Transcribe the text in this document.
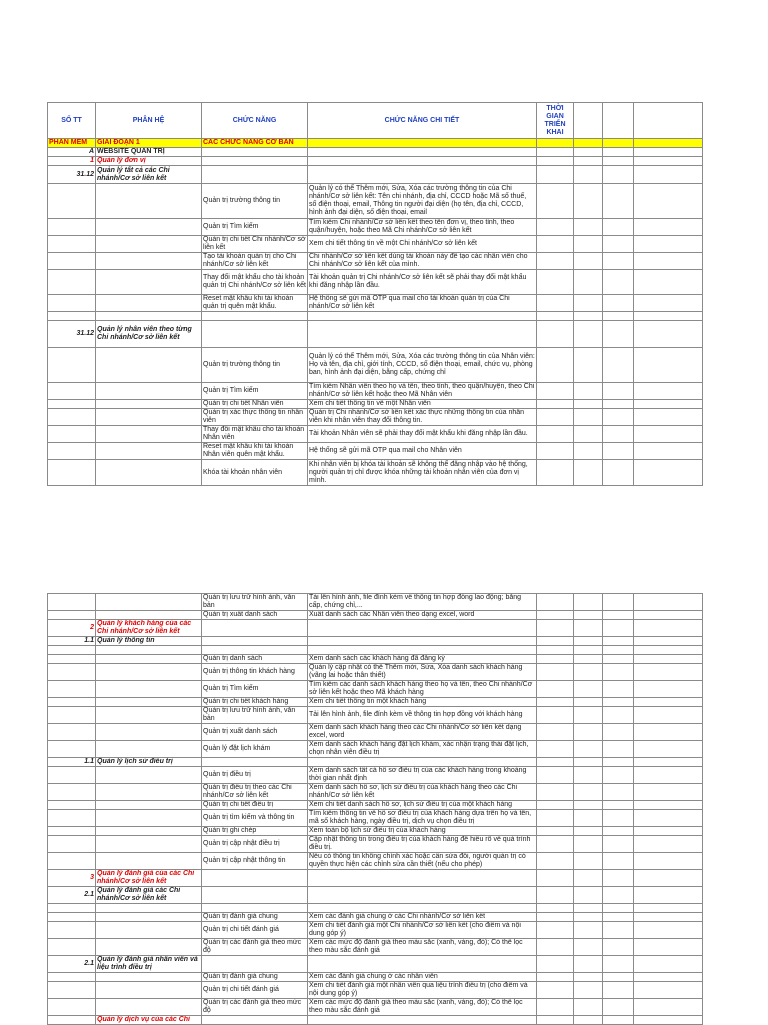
SỐ TT	PHÂN HỆ	CHỨC NĂNG	CHỨC NĂNG CHI TIẾT	THỜI GIAN TRIỂN KHAI			
PHẦN MỀM	GIAI ĐOẠN 1	CÁC CHỨC NĂNG CƠ BẢN					
A	WEBSITE QUẢN TRỊ						
1	Quản lý đơn vị						
31.12	Quản lý tất cả các Chi nhánh/Cơ sở liên kết						
		Quản trị trường thông tin	Quản lý có thể Thêm mới, Sửa, Xóa các trường thông tin của Chi nhánh/Cơ sở liên kết: Tên chi nhánh, địa chỉ, CCCD hoặc Mã số thuế, số điện thoại, email, Thông tin người đại diện (họ tên, địa chỉ, CCCD, hình ảnh đại diện, số điện thoại, email				
		Quản trị Tìm kiếm	Tìm kiếm Chi nhánh/Cơ sở liên kết theo tên đơn vị, theo tỉnh, theo quận/huyện, hoặc theo Mã Chi nhánh/Cơ sở liên kết				
		Quản trị chi tiết Chi nhánh/Cơ sở liên kết	Xem chi tiết thông tin về một Chi nhánh/Cơ sở liên kết				
		Tạo tài khoản quản trị cho Chi nhánh/Cơ sở liên kết	Chi nhánh/Cơ sở liên kết dùng tài khoản này để tạo các nhân viên cho Chi nhánh/Cơ sở liên kết của mình.				
		Thay đổi mật khẩu cho tài khoản quản trị Chi nhánh/Cơ sở liên kết	Tài khoản quản trị Chi nhánh/Cơ sở liên kết sẽ phải thay đổi mật khẩu khi đăng nhập lần đầu.				
		Reset mật khẩu khi tài khoản quản trị quên mật khẩu.	Hệ thống sẽ gửi mã OTP qua mail cho tài khoản quản trị của Chi nhánh/Cơ sở liên kết				

31.12	Quản lý nhân viên theo từng Chi nhánh/Cơ sở liên kết						
		Quản trị trường thông tin	Quản lý có thể Thêm mới, Sửa, Xóa các trường thông tin của Nhân viên: Họ và tên, địa chỉ, giới tính, CCCD, số điện thoại, email, chức vụ, phòng ban, hình ảnh đại diện, bằng cấp, chứng chỉ				
		Quản trị Tìm kiếm	Tìm kiếm Nhân viên theo họ và tên, theo tỉnh, theo quận/huyện, theo Chi nhánh/Cơ sở liên kết hoặc theo Mã Nhân viên				
		Quản trị chi tiết Nhân viên	Xem chi tiết thông tin về một Nhân viên				
		Quản trị xác thực thông tin nhân viên	Quản trị Chi nhánh/Cơ sở liên kết xác thực những thông tin của nhân viên khi nhân viên thay đổi thông tin.				
		Thay đổi mật khẩu cho tài khoản Nhân viên	Tài khoản Nhân viên sẽ phải thay đổi mật khẩu khi đăng nhập lần đầu.				
		Reset mật khẩu khi tài khoản Nhân viên quên mật khẩu.	Hệ thống sẽ gửi mã OTP qua mail cho Nhân viên				
		Khóa tài khoản nhân viên	Khi nhân viên bị khóa tài khoản sẽ không thể đăng nhập vào hệ thống, người quản trị chỉ được khóa những tài khoản nhân viên của đơn vị mình.				
		Quản trị lưu trữ hình ảnh, văn bản	Tải lên hình ảnh, file đính kèm về thông tin hợp đồng lao động; bằng cấp, chứng chỉ,...				
		Quản trị xuất danh sách	Xuất danh sách các Nhân viên theo dạng excel, word				
2	Quản lý khách hàng của các Chi nhánh/Cơ sở liên kết						
1.1	Quản lý thông tin						

		Quản trị danh sách	Xem danh sách các khách hàng đã đăng ký				
		Quản trị thông tin khách hàng	Quản lý cập nhật có thể Thêm mới, Sửa, Xóa danh sách khách hàng (vãng lai hoặc thân thiết)				
		Quản trị Tìm kiếm	Tìm kiếm các danh sách khách hàng theo họ và tên, theo Chi nhánh/Cơ sở liên kết hoặc theo Mã khách hàng				
		Quản trị chi tiết khách hàng	Xem chi tiết thông tin một khách hàng				
		Quản trị lưu trữ hình ảnh, văn bản	Tải lên hình ảnh, file đính kèm về thông tin hợp đồng với khách hàng				
		Quản trị xuất danh sách	Xem danh sách khách hàng theo các Chi nhánh/Cơ sở liên kết dạng excel, word				
		Quản lý đặt lịch khám	Xem danh sách khách hàng đặt lịch khám, xác nhận trạng thái đặt lịch, chọn nhân viên điều trị				
1.1	Quản lý lịch sử điều trị						
		Quản trị điều trị	Xem danh sách tất cả hồ sơ điều trị của các khách hàng trong khoảng thời gian nhất định				
		Quản trị điều trị theo các Chi nhánh/Cơ sở liên kết	Xem danh sách hồ sơ, lịch sử điều trị của khách hàng theo các Chi nhánh/Cơ sở liên kết				
		Quản trị chi tiết điều trị	Xem chi tiết danh sách hồ sơ, lịch sử điều trị của một khách hàng				
		Quản trị tìm kiếm và thông tin	Tìm kiếm thông tin về hồ sơ điều trị của khách hàng dựa trên họ và tên, mã số khách hàng, ngày điều trị, dịch vụ chọn điều trị				
		Quản trị ghi chép	Xem toàn bộ lịch sử điều trị của khách hàng				
		Quản trị cập nhật điều trị	Cập nhật thông tin trong điều trị của khách hàng để hiểu rõ về quá trình điều trị.				
		Quản trị cập nhật thông tin	Nếu có thông tin không chính xác hoặc cần sửa đổi, người quản trị có quyền thực hiện các chỉnh sửa cần thiết (nếu cho phép)				
3	Quản lý đánh giá của các Chi nhánh/Cơ sở liên kết						
2.1	Quản lý đánh giá các Chi nhánh/Cơ sở liên kết						

		Quản trị đánh giá chung	Xem các đánh giá chung ở các Chi nhánh/Cơ sở liên kết				
		Quản trị chi tiết đánh giá	Xem chi tiết đánh giá một Chi nhánh/Cơ sở liên kết (cho điểm và nội dung góp ý)				
		Quản trị các đánh giá theo mức độ	Xem các mức độ đánh giá theo màu sắc (xanh, vàng, đỏ); Có thể lọc theo màu sắc đánh giá				
2.1	Quản lý đánh giá nhân viên và liệu trình điều trị						
		Quản trị đánh giá chung	Xem các đánh giá chung ở các nhân viên				
		Quản trị chi tiết đánh giá	Xem chi tiết đánh giá một nhân viên qua liệu trình điều trị (cho điểm và nội dung góp ý)				
		Quản trị các đánh giá theo mức độ	Xem các mức độ đánh giá theo màu sắc (xanh, vàng, đỏ); Có thể lọc theo màu sắc đánh giá				
	Quản lý dịch vụ của các Chi						
